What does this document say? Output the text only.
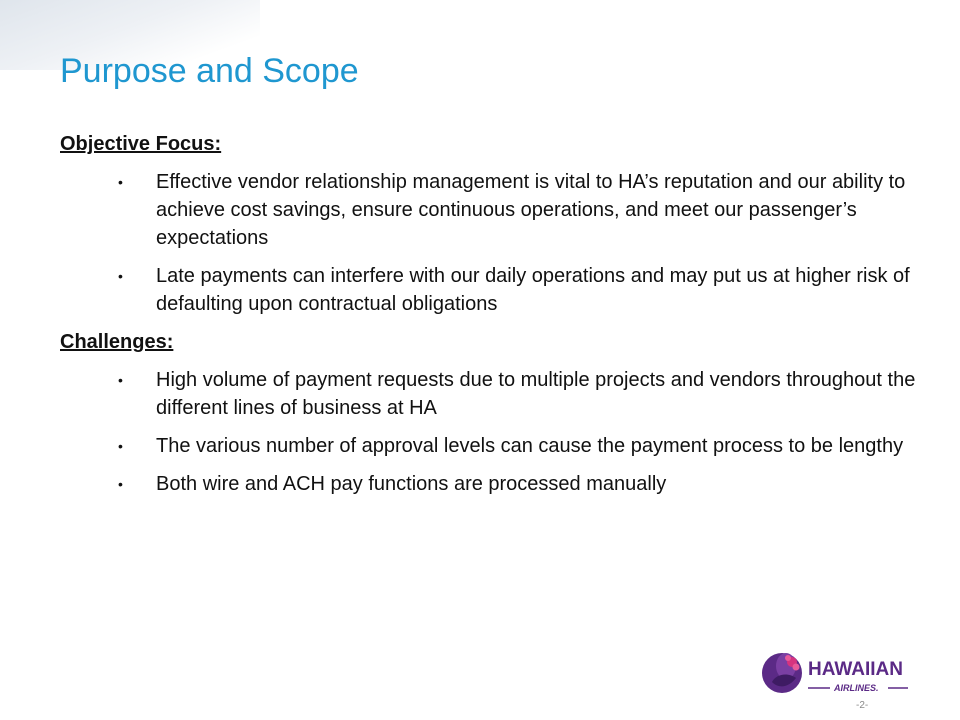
Purpose and Scope
Objective Focus:
• Effective vendor relationship management is vital to HA’s reputation and our ability to achieve cost savings, ensure continuous operations, and meet our passenger’s expectations
• Late payments can interfere with our daily operations and may put us at higher risk of defaulting upon contractual obligations
Challenges:
• High volume of payment requests due to multiple projects and vendors throughout the different lines of business at HA
• The various number of approval levels can cause the payment process to be lengthy
• Both wire and ACH pay functions are processed manually
HAWAIIAN
AIRLINES.
-2-
